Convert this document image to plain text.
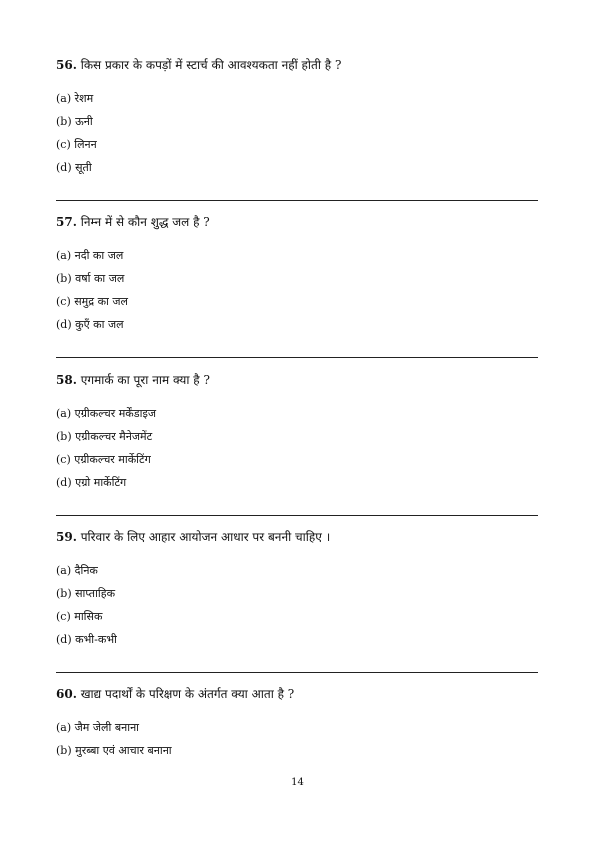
56. किस प्रकार के कपड़ों में स्टार्च की आवश्यकता नहीं होती है ?

(a) रेशम
(b) ऊनी
(c) लिनन
(d) सूती

57. निम्न में से कौन शुद्ध जल है ?

(a) नदी का जल
(b) वर्षा का जल
(c) समुद्र का जल
(d) कुएँ का जल

58. एगमार्क का पूरा नाम क्या है ?

(a) एग्रीकल्चर मर्केंडाइज
(b) एग्रीकल्चर मैनेजमेंट
(c) एग्रीकल्चर मार्केटिंग
(d) एग्रो मार्केटिंग

59. परिवार के लिए आहार आयोजन आधार पर बननी चाहिए ।

(a) दैनिक
(b) साप्ताहिक
(c) मासिक
(d) कभी-कभी

60. खाद्य पदार्थों के परिक्षण के अंतर्गत क्या आता है ?

(a) जैम जेली बनाना
(b) मुरब्बा एवं आचार बनाना
14
